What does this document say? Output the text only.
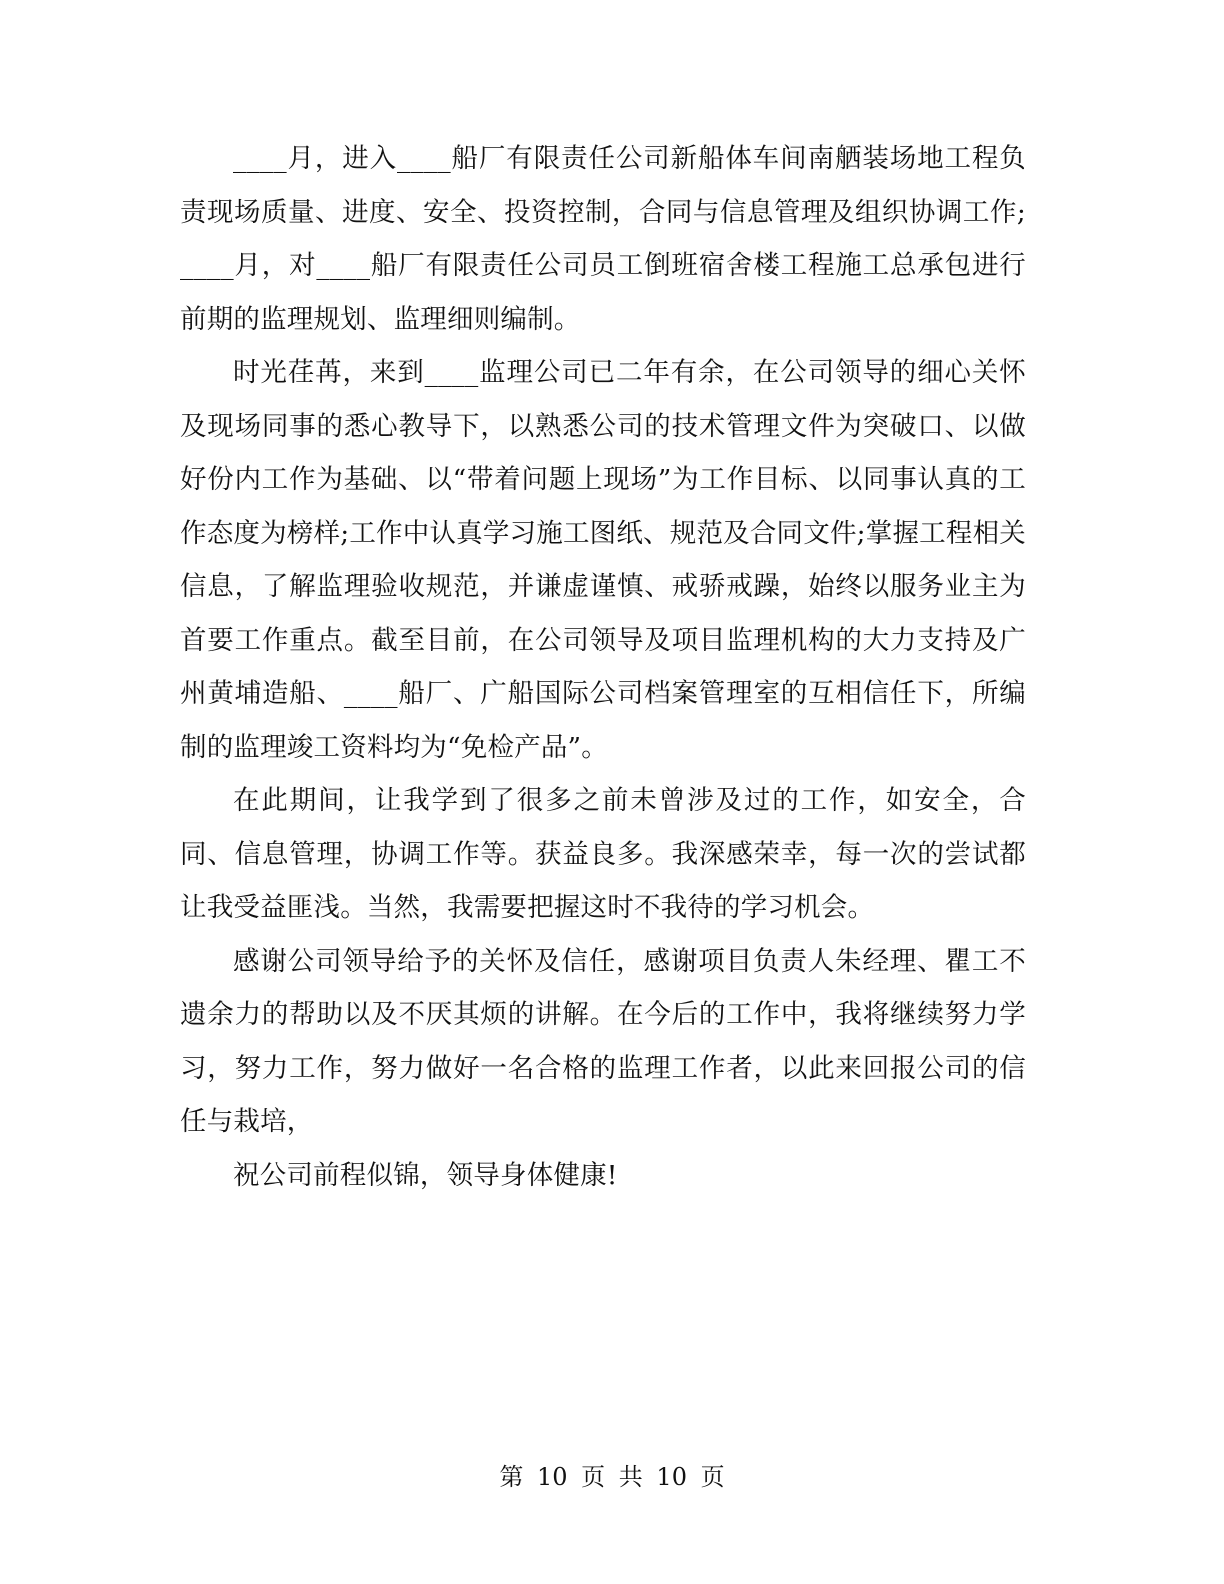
____月，进入____船厂有限责任公司新船体车间南舾装场地工程负责现场质量、进度、安全、投资控制，合同与信息管理及组织协调工作;____月，对____船厂有限责任公司员工倒班宿舍楼工程施工总承包进行前期的监理规划、监理细则编制。

时光荏苒，来到____监理公司已二年有余，在公司领导的细心关怀及现场同事的悉心教导下，以熟悉公司的技术管理文件为突破口、以做好份内工作为基础、以“带着问题上现场”为工作目标、以同事认真的工作态度为榜样;工作中认真学习施工图纸、规范及合同文件;掌握工程相关信息，了解监理验收规范，并谦虚谨慎、戒骄戒躁，始终以服务业主为首要工作重点。截至目前，在公司领导及项目监理机构的大力支持及广州黄埔造船、____船厂、广船国际公司档案管理室的互相信任下，所编制的监理竣工资料均为“免检产品”。

在此期间，让我学到了很多之前未曾涉及过的工作，如安全，合同、信息管理，协调工作等。获益良多。我深感荣幸，每一次的尝试都让我受益匪浅。当然，我需要把握这时不我待的学习机会。

感谢公司领导给予的关怀及信任，感谢项目负责人朱经理、瞿工不遗余力的帮助以及不厌其烦的讲解。在今后的工作中，我将继续努力学习，努力工作，努力做好一名合格的监理工作者，以此来回报公司的信任与栽培，

祝公司前程似锦，领导身体健康!

第 10 页 共 10 页
